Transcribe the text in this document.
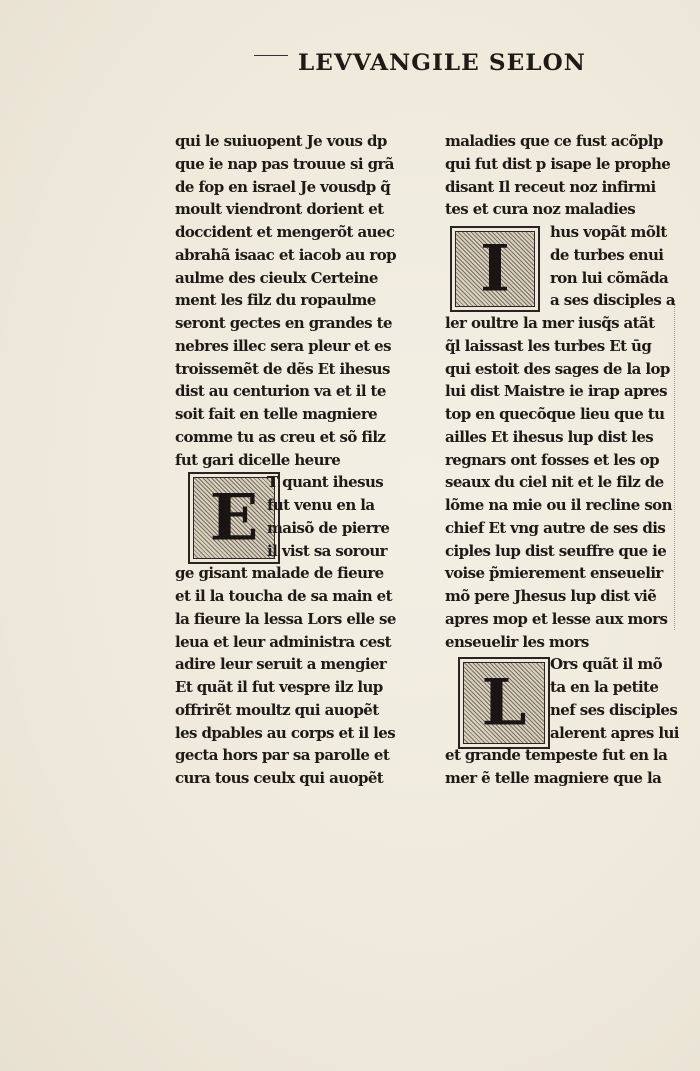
LEVVANGILE SELON
I
E
L
qui le suiuopent Je vous dp
que ie nap pas trouue si grã
de fop en israel Je vousdp q̃
moult viendront dorient et
doccident et mengerõt auec
abrahã isaac et iacob au rop
aulme des cieulx Certeine
ment les filz du ropaulme
seront gectes en grandes te
nebres illec sera pleur et es
troissemẽt de dẽs Et ihesus
dist au centurion va et il te
soit fait en telle magniere
comme tu as creu et sõ filz
fut gari dicelle heure
T quant ihesus
fut venu en la
maisõ de pierre
il vist sa sorour
ge gisant malade de fieure
et il la toucha de sa main et
la fieure la lessa Lors elle se
leua et leur administra cest
adire leur seruit a mengier
Et quãt il fut vespre ilz lup
offrirẽt moultz qui auopẽt
les dpables au corps et il les
gecta hors par sa parolle et
cura tous ceulx qui auopẽt
maladies que ce fust acõplp
qui fut dist p isape le prophe
disant Il receut noz infirmi
tes et cura noz maladies
hus vopãt mõlt
de turbes enui
ron lui cõmãda
a ses disciples a
ler oultre la mer iusq̃s atãt
q̃l laissast les turbes Et ūg
qui estoit des sages de la lop
lui dist Maistre ie irap apres
top en quecõque lieu que tu
ailles Et ihesus lup dist les
regnars ont fosses et les op
seaux du ciel nit et le filz de
lõme na mie ou il recline son
chief Et vng autre de ses dis
ciples lup dist seuffre que ie
voise p̃mierement enseuelir
mõ pere Jhesus lup dist viẽ
apres mop et lesse aux mors
enseuelir les mors
Ors quãt il mõ
ta en la petite
nef ses disciples
alerent apres lui
et grande tempeste fut en la
mer ẽ telle magniere que la
